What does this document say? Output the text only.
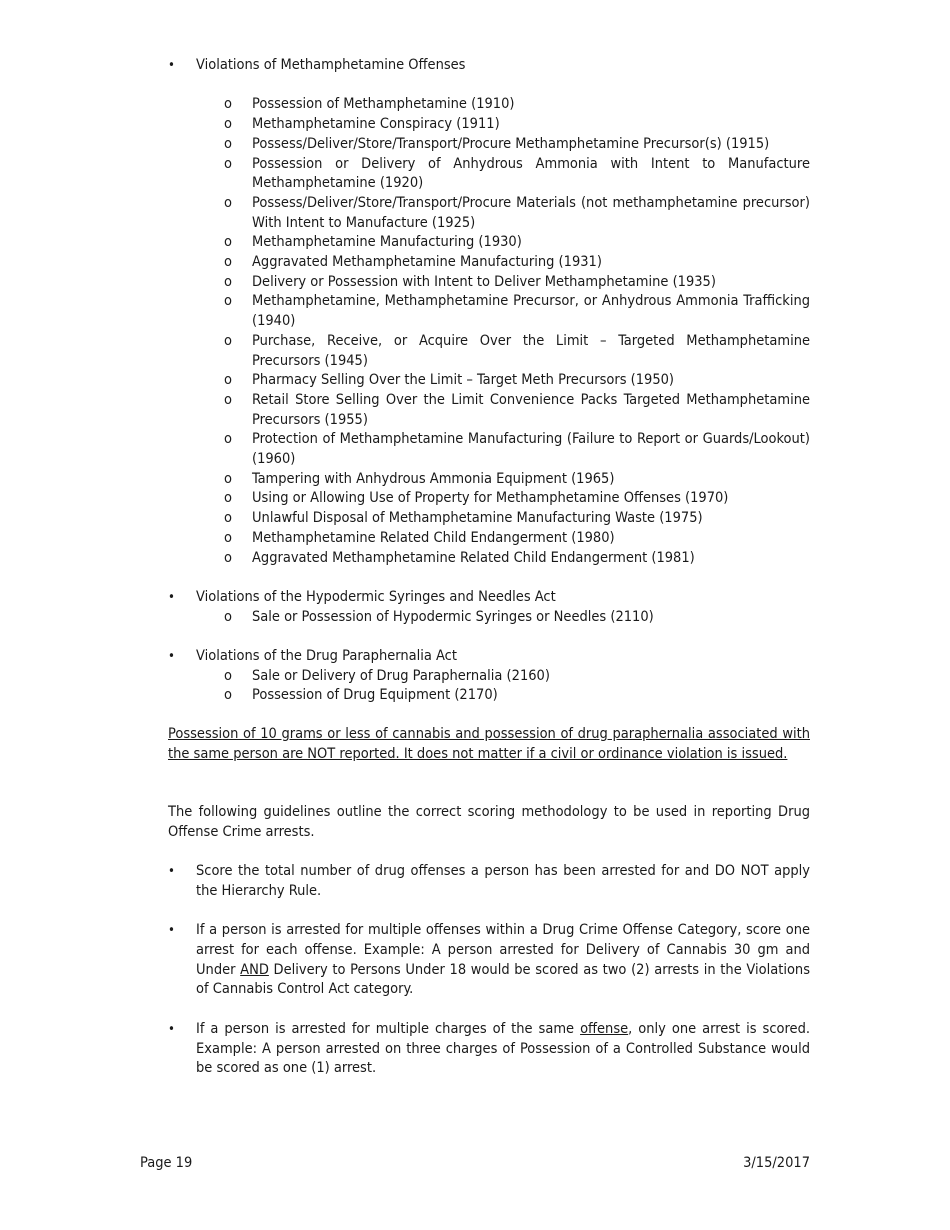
• Violations of Methamphetamine Offenses
o Possession of Methamphetamine (1910)
o Methamphetamine Conspiracy (1911)
o Possess/Deliver/Store/Transport/Procure Methamphetamine Precursor(s) (1915)
o Possession or Delivery of Anhydrous Ammonia with Intent to Manufacture Methamphetamine (1920)
o Possess/Deliver/Store/Transport/Procure Materials (not methamphetamine precursor) With Intent to Manufacture (1925)
o Methamphetamine Manufacturing (1930)
o Aggravated Methamphetamine Manufacturing (1931)
o Delivery or Possession with Intent to Deliver Methamphetamine (1935)
o Methamphetamine, Methamphetamine Precursor, or Anhydrous Ammonia Trafficking (1940)
o Purchase, Receive, or Acquire Over the Limit – Targeted Methamphetamine Precursors (1945)
o Pharmacy Selling Over the Limit – Target Meth Precursors (1950)
o Retail Store Selling Over the Limit Convenience Packs Targeted Methamphetamine Precursors (1955)
o Protection of Methamphetamine Manufacturing (Failure to Report or Guards/Lookout) (1960)
o Tampering with Anhydrous Ammonia Equipment (1965)
o Using or Allowing Use of Property for Methamphetamine Offenses (1970)
o Unlawful Disposal of Methamphetamine Manufacturing Waste (1975)
o Methamphetamine Related Child Endangerment (1980)
o Aggravated Methamphetamine Related Child Endangerment (1981)
• Violations of the Hypodermic Syringes and Needles Act
o Sale or Possession of Hypodermic Syringes or Needles (2110)
• Violations of the Drug Paraphernalia Act
o Sale or Delivery of Drug Paraphernalia (2160)
o Possession of Drug Equipment (2170)
Possession of 10 grams or less of cannabis and possession of drug paraphernalia associated with the same person are NOT reported. It does not matter if a civil or ordinance violation is issued.
The following guidelines outline the correct scoring methodology to be used in reporting Drug Offense Crime arrests.
• Score the total number of drug offenses a person has been arrested for and DO NOT apply the Hierarchy Rule.
• If a person is arrested for multiple offenses within a Drug Crime Offense Category, score one arrest for each offense. Example: A person arrested for Delivery of Cannabis 30 gm and Under AND Delivery to Persons Under 18 would be scored as two (2) arrests in the Violations of Cannabis Control Act category.
• If a person is arrested for multiple charges of the same offense, only one arrest is scored. Example: A person arrested on three charges of Possession of a Controlled Substance would be scored as one (1) arrest.
Page 19	3/15/2017
